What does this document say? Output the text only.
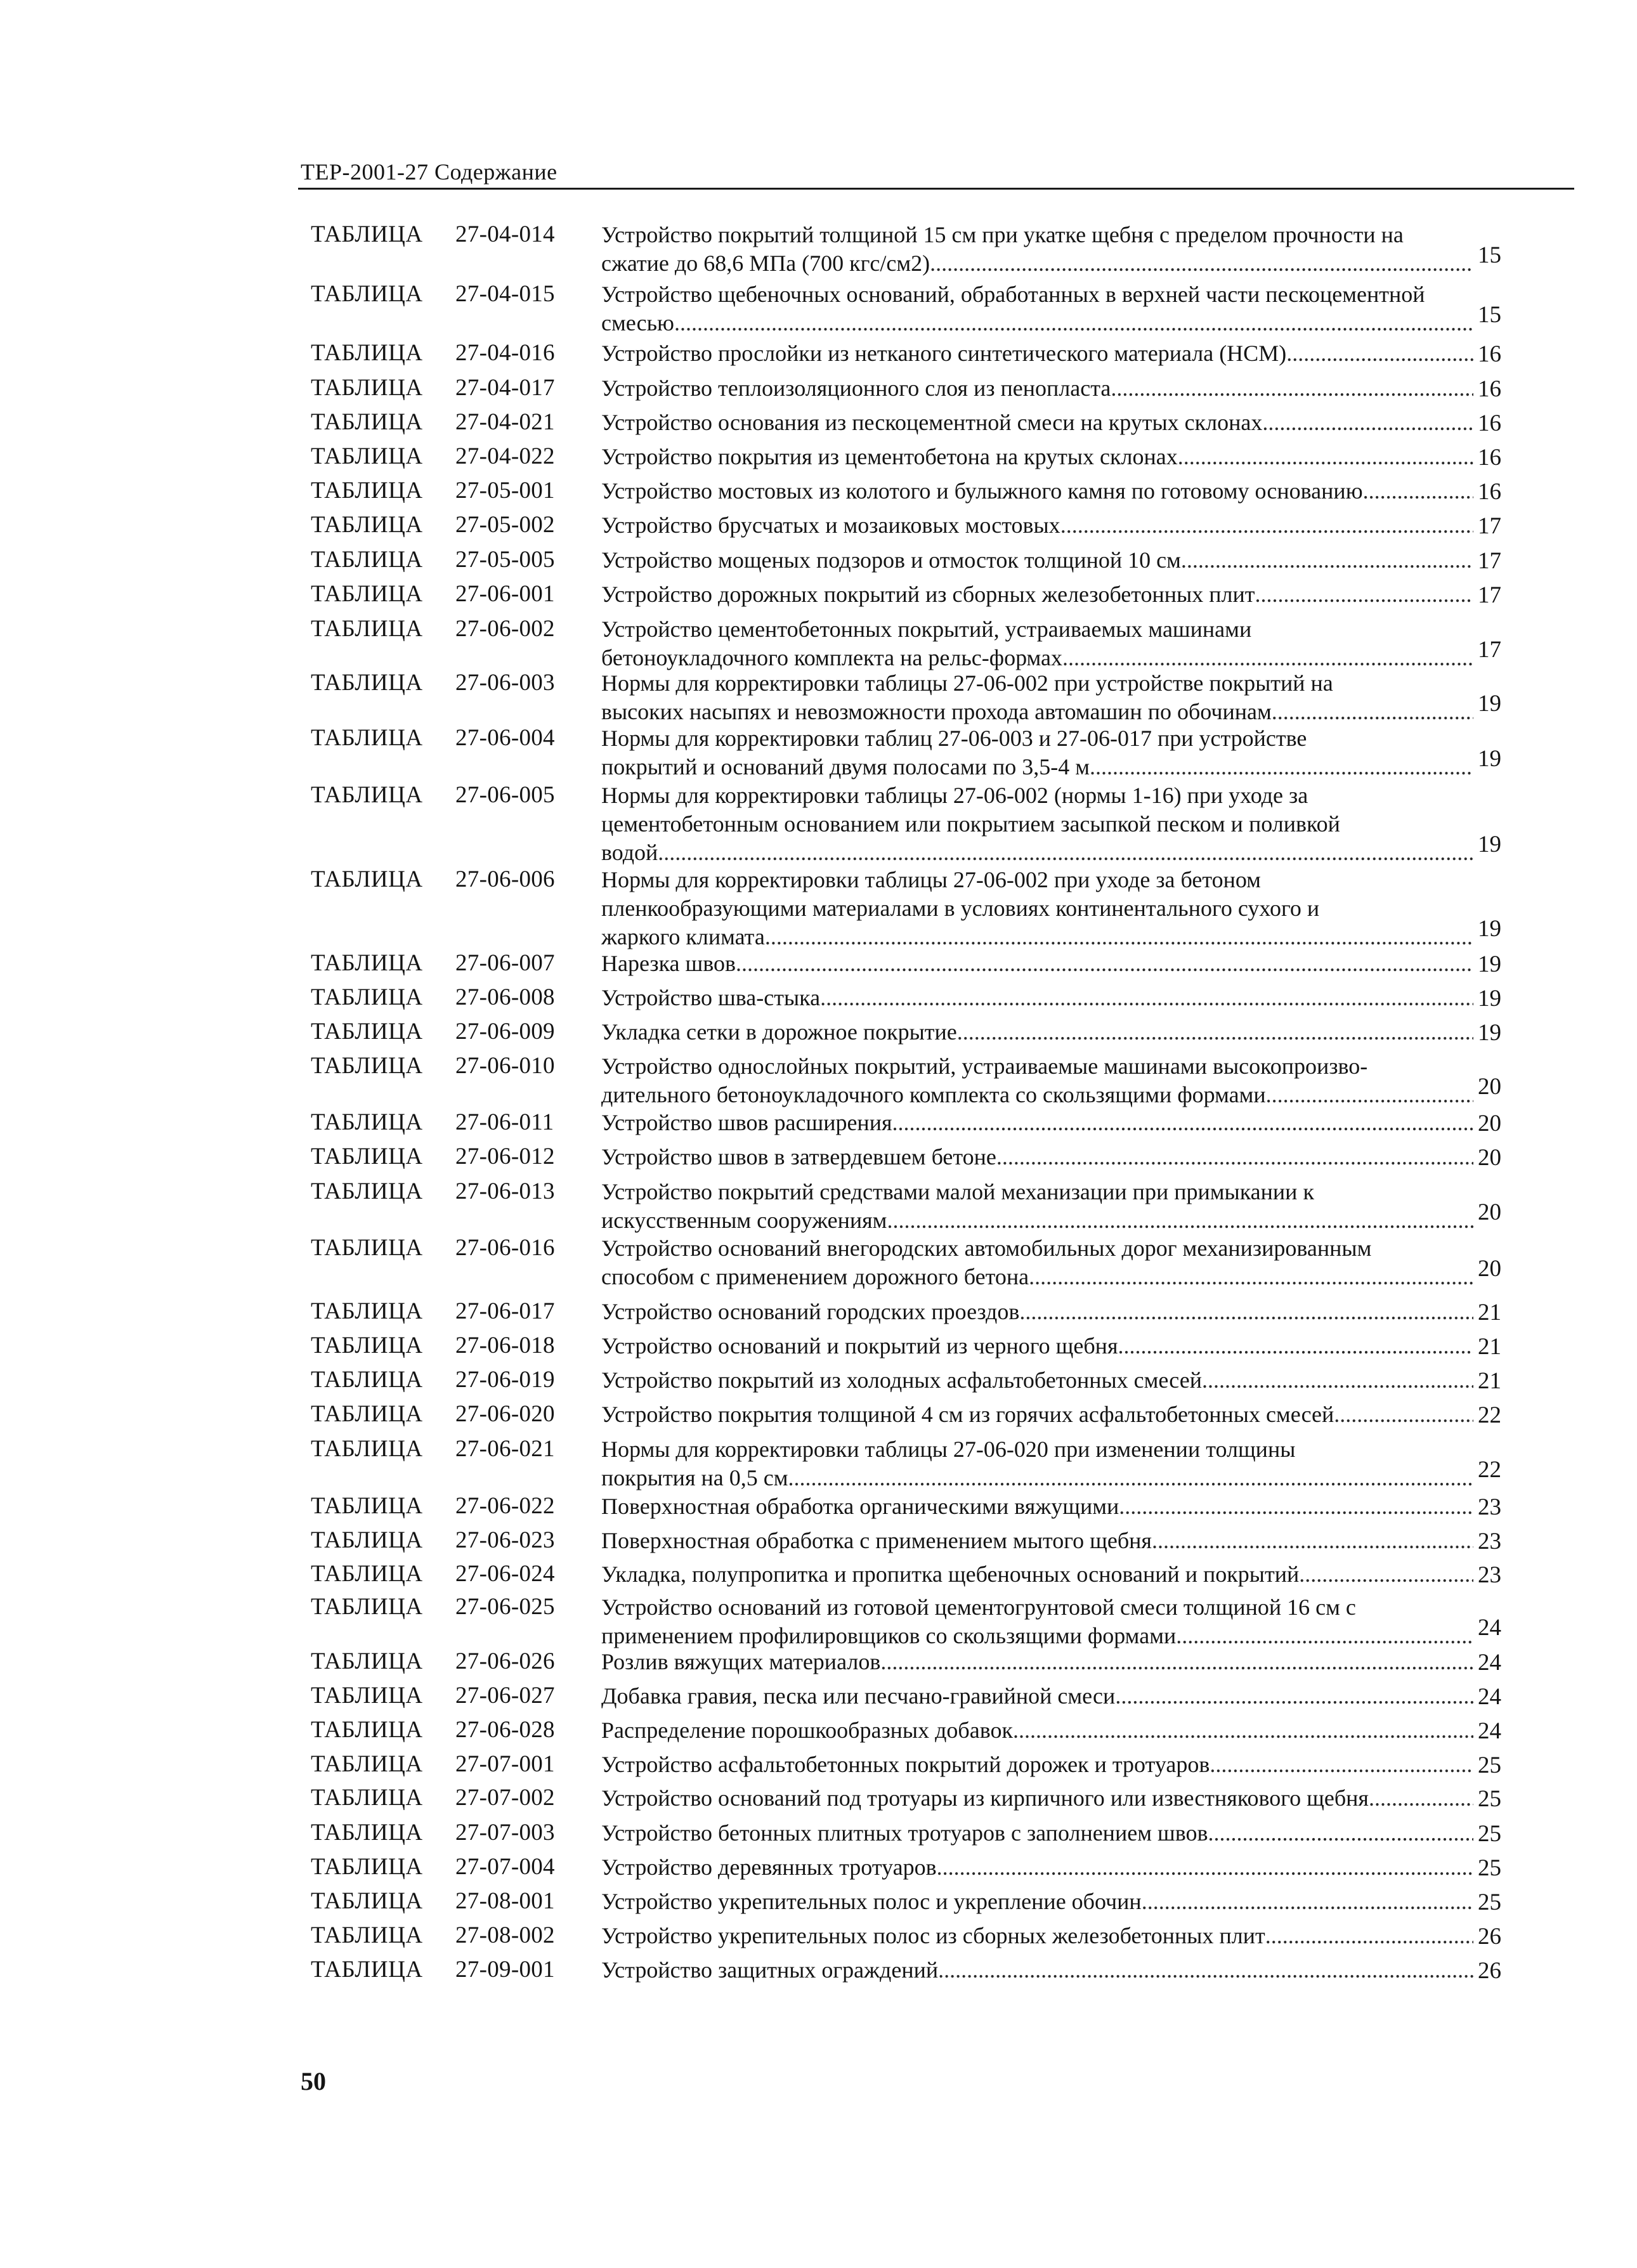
ТЕР-2001-27 Содержание
ТАБЛИЦА 27-04-014 Устройство покрытий толщиной 15 см при укатке щебня с пределом прочности на
сжатие до 68,6 МПа (700 кгс/см2) .....	15
ТАБЛИЦА 27-04-015 Устройство щебеночных оснований, обработанных в верхней части пескоцементной
смесью .....	15
ТАБЛИЦА 27-04-016 Устройство прослойки из нетканого синтетического материала (НСМ) .....	16
ТАБЛИЦА 27-04-017 Устройство теплоизоляционного слоя из пенопласта .....	16
ТАБЛИЦА 27-04-021 Устройство основания из пескоцементной смеси на крутых склонах .....	16
ТАБЛИЦА 27-04-022 Устройство покрытия из цементобетона на крутых склонах .....	16
ТАБЛИЦА 27-05-001 Устройство мостовых из колотого и булыжного камня по готовому основанию .....	16
ТАБЛИЦА 27-05-002 Устройство брусчатых и мозаиковых мостовых .....	17
ТАБЛИЦА 27-05-005 Устройство мощеных подзоров и отмосток толщиной 10 см .....	17
ТАБЛИЦА 27-06-001 Устройство дорожных покрытий из сборных железобетонных плит .....	17
ТАБЛИЦА 27-06-002 Устройство цементобетонных покрытий, устраиваемых машинами
бетоноукладочного комплекта на рельс-формах .....	17
ТАБЛИЦА 27-06-003 Нормы для корректировки таблицы 27-06-002 при устройстве покрытий на
высоких насыпях и невозможности прохода автомашин по обочинам .....	19
ТАБЛИЦА 27-06-004 Нормы для корректировки таблиц 27-06-003 и 27-06-017 при устройстве
покрытий и оснований двумя полосами по 3,5-4 м .....	19
ТАБЛИЦА 27-06-005 Нормы для корректировки таблицы 27-06-002 (нормы 1-16) при уходе за
цементобетонным основанием или покрытием засыпкой песком и поливкой
водой .....	19
ТАБЛИЦА 27-06-006 Нормы для корректировки таблицы 27-06-002 при уходе за бетоном
пленкообразующими материалами в условиях континентального сухого и
жаркого климата .....	19
ТАБЛИЦА 27-06-007 Нарезка швов .....	19
ТАБЛИЦА 27-06-008 Устройство шва-стыка .....	19
ТАБЛИЦА 27-06-009 Укладка сетки в дорожное покрытие .....	19
ТАБЛИЦА 27-06-010 Устройство однослойных покрытий, устраиваемые машинами высокопроизво-
дительного бетоноукладочного комплекта со скользящими формами .....	20
ТАБЛИЦА 27-06-011 Устройство швов расширения .....	20
ТАБЛИЦА 27-06-012 Устройство швов в затвердевшем бетоне .....	20
ТАБЛИЦА 27-06-013 Устройство покрытий средствами малой механизации при примыкании к
искусственным сооружениям .....	20
ТАБЛИЦА 27-06-016 Устройство оснований внегородских автомобильных дорог механизированным
способом с применением дорожного бетона .....	20
ТАБЛИЦА 27-06-017 Устройство оснований городских проездов .....	21
ТАБЛИЦА 27-06-018 Устройство оснований и покрытий из черного щебня .....	21
ТАБЛИЦА 27-06-019 Устройство покрытий из холодных асфальтобетонных смесей .....	21
ТАБЛИЦА 27-06-020 Устройство покрытия толщиной 4 см из горячих асфальтобетонных смесей .....	22
ТАБЛИЦА 27-06-021 Нормы для корректировки таблицы 27-06-020 при изменении толщины
покрытия на 0,5 см .....	22
ТАБЛИЦА 27-06-022 Поверхностная обработка органическими вяжущими .....	23
ТАБЛИЦА 27-06-023 Поверхностная обработка с применением мытого щебня .....	23
ТАБЛИЦА 27-06-024 Укладка, полупропитка и пропитка щебеночных оснований и покрытий .....	23
ТАБЛИЦА 27-06-025 Устройство оснований из готовой цементогрунтовой смеси толщиной 16 см с
применением профилировщиков со скользящими формами .....	24
ТАБЛИЦА 27-06-026 Розлив вяжущих материалов .....	24
ТАБЛИЦА 27-06-027 Добавка гравия, песка или песчано-гравийной смеси .....	24
ТАБЛИЦА 27-06-028 Распределение порошкообразных добавок .....	24
ТАБЛИЦА 27-07-001 Устройство асфальтобетонных покрытий дорожек и тротуаров .....	25
ТАБЛИЦА 27-07-002 Устройство оснований под тротуары из кирпичного или известнякового щебня .....	25
ТАБЛИЦА 27-07-003 Устройство бетонных плитных тротуаров с заполнением швов .....	25
ТАБЛИЦА 27-07-004 Устройство деревянных тротуаров .....	25
ТАБЛИЦА 27-08-001 Устройство укрепительных полос и укрепление обочин .....	25
ТАБЛИЦА 27-08-002 Устройство укрепительных полос из сборных железобетонных плит .....	26
ТАБЛИЦА 27-09-001 Устройство защитных ограждений .....	26
50
